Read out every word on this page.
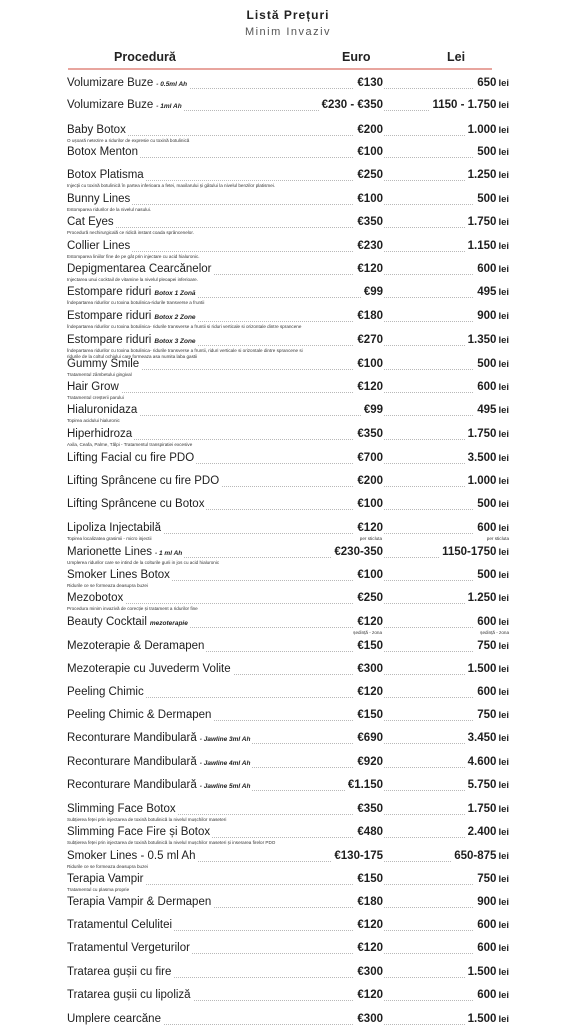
Listă Prețuri
Minim Invaziv
Procedură	Euro	Lei
Volumizare Buze - 0.5ml Ah	€130	650 lei
Volumizare Buze - 1ml Ah	€230 - €350	1150 - 1.750 lei
Baby Botox
O ușoară netezire a ridurilor de expresie cu toxină botulinică
€200	1.000 lei
Botox Menton	€100	500 lei
Botox Platisma
Injecții cu toxină botulinică în partea inferioara a fetei, maxilarului și gâtului la nivelul benzilor platismei.
€250	1.250 lei
Bunny Lines
Estomparea ridurilor de la nivelul nasului.
€100	500 lei
Cat Eyes
Procedură nechirurgicală ce ridică instant coada sprâncenelor.
€350	1.750 lei
Collier Lines
Estomparea liniilor fine de pe gât prin injectare cu acid hialuronic.
€230	1.150 lei
Depigmentarea Cearcănelor
Injectarea unui cocktail de vitamine la nivelul pleoapei inferioare.
€120	600 lei
Estompare riduri Botox 1 Zonă
Îndepartarea ridurilor cu toxina botulinica-ridurile transverse a fruntii
€99	495 lei
Estompare riduri Botox 2 Zone
Îndepartarea ridurilor cu toxina botulinica- ridurile transverse a fruntii si riduri verticale si orizontale dintre sprancene
€180	900 lei
Estompare riduri Botox 3 Zone
Îndepartarea ridurilor cu toxina botulinica- ridurile transverse a fruntii, riduri verticale si orizontale dintre sprancene si ridurile de la coltul ochiului care formeaza asa numita laba gastii
€270	1.350 lei
Gummy Smile
Tratamentul zâmbetului gingival
€100	500 lei
Hair Grow
Tratamentul creșterii parului
€120	600 lei
Hialuronidaza
Topirea acidului hialuronic
€99	495 lei
Hiperhidroza
Axila, Ceafa, Palme, Tălpi - Tratamentul transpiratiei excesive
€350	1.750 lei
Lifting Facial cu fire PDO	€700	3.500 lei
Lifting Sprâncene cu fire PDO	€200	1.000 lei
Lifting Sprâncene cu Botox	€100	500 lei
Lipoliza Injectabilă
Topirea localizatea grasimii - micro injectii
€120	600 lei
per sticluta	per sticluta
Marionette Lines - 1 ml Ah
Umplerea ridurilor care se intind de la colturile gurii in jos cu acid hialuronic
€230-350	1150-1750 lei
Smoker Lines Botox
Ridurile ce se formeaza deasupra buzei
€100	500 lei
Mezobotox
Procedura minim invazivă de corecție și tratament a ridurilor fine
€250	1.250 lei
Beauty Cocktail mezoterapie	€120	600 lei
ședință - zona	ședință - zona
Mezoterapie & Deramapen	€150	750 lei
Mezoterapie cu Juvederm Volite	€300	1.500 lei
Peeling Chimic	€120	600 lei
Peeling Chimic & Dermapen	€150	750 lei
Reconturare Mandibulară - Jawline 3ml Ah	€690	3.450 lei
Reconturare Mandibulară - Jawline 4ml Ah	€920	4.600 lei
Reconturare Mandibulară - Jawline 5ml Ah	€1.150	5.750 lei
Slimming Face Botox
Subțierea feței prin injectarea de toxină botulinică la nivelul mușchilor maseteri
€350	1.750 lei
Slimming Face Fire și Botox
Subțierea feței prin injectarea de toxină botulinică la nivelul mușchilor maseteri și inserarea firelor PDO
€480	2.400 lei
Smoker Lines - 0.5 ml Ah
Ridurile ce se formeaza deasupra buzei
€130-175	650-875 lei
Terapia Vampir
Tratamentul cu plasma proprie
€150	750 lei
Terapia Vampir & Dermapen	€180	900 lei
Tratamentul Celulitei	€120	600 lei
Tratamentul Vergeturilor	€120	600 lei
Tratarea gușii cu fire	€300	1.500 lei
Tratarea gușii cu lipoliză	€120	600 lei
Umplere cearcăne	€300	1.500 lei
